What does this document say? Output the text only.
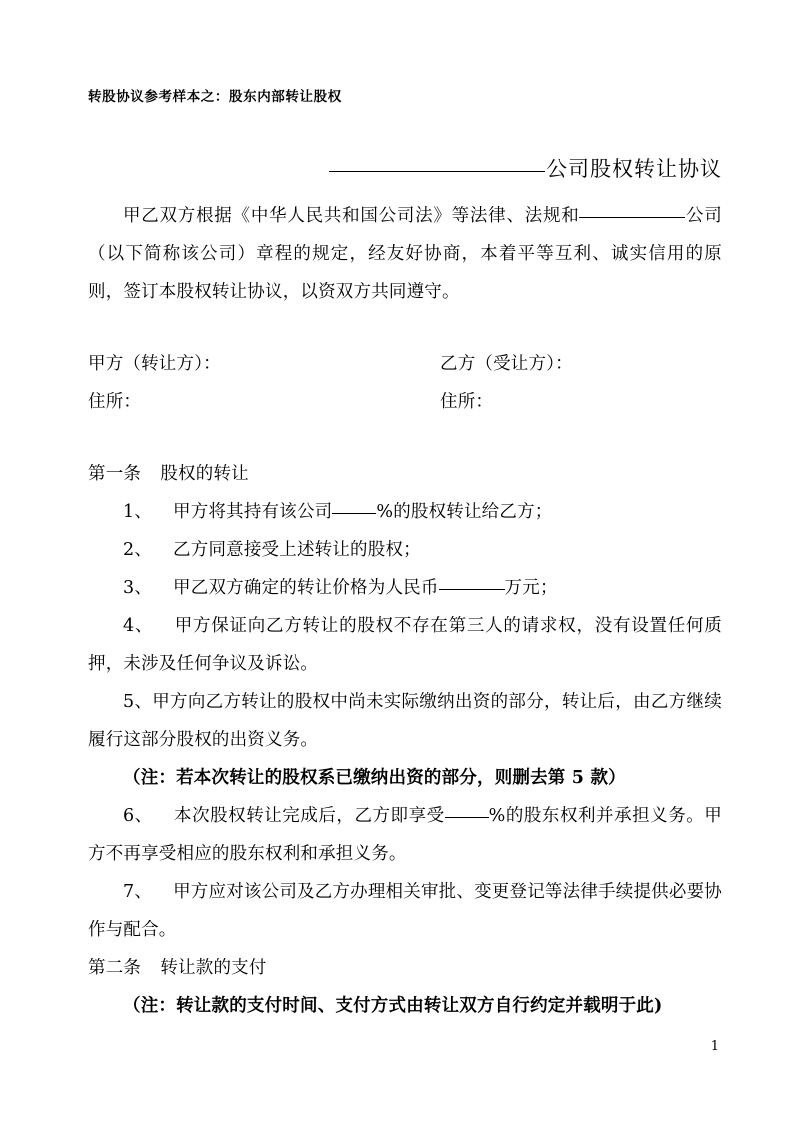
转股协议参考样本之：股东内部转让股权
公司股权转让协议

甲乙双方根据《中华人民共和国公司法》等法律、法规和	公司（以下简称该公司）章程的规定，经友好协商，本着平等互利、诚实信用的原则，签订本股权转让协议，以资双方共同遵守。

甲方（转让方）：	乙方（受让方）：
住所：	住所：
第一条 股权的转让

1、 甲方将其持有该公司	%的股权转让给乙方；

2、 乙方同意接受上述转让的股权；

3、 甲乙双方确定的转让价格为人民币	万元；

4、 甲方保证向乙方转让的股权不存在第三人的请求权，没有设置任何质押，未涉及任何争议及诉讼。

5、甲方向乙方转让的股权中尚未实际缴纳出资的部分，转让后，由乙方继续履行这部分股权的出资义务。

（注：若本次转让的股权系已缴纳出资的部分，则删去第 5 款）

6、 本次股权转让完成后，乙方即享受	%的股东权利并承担义务。甲方不再享受相应的股东权利和承担义务。

7、 甲方应对该公司及乙方办理相关审批、变更登记等法律手续提供必要协作与配合。

第二条 转让款的支付

（注：转让款的支付时间、支付方式由转让双方自行约定并载明于此)

1
